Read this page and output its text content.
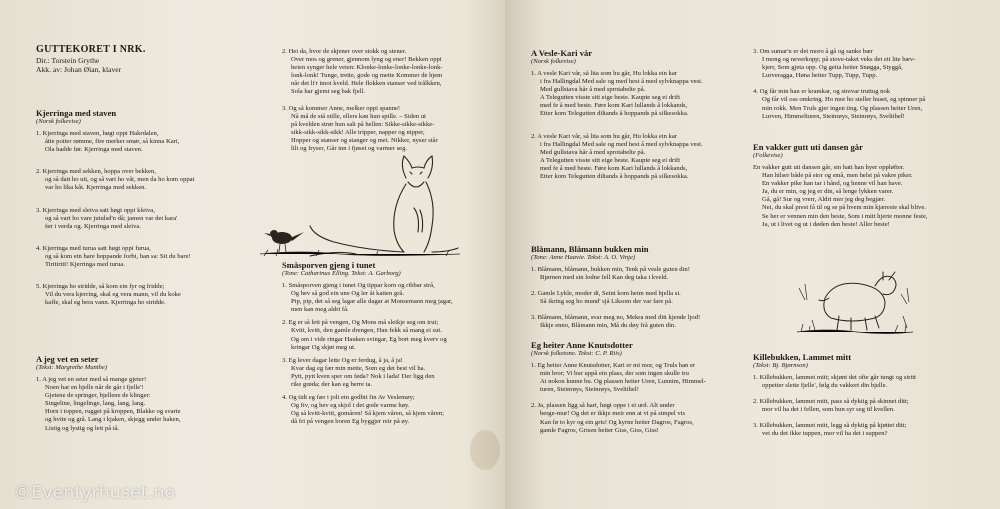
GUTTEKORET I NRK.
Dir.: Torstein Grythe
Akk. av: Johan Øian, klaver

Kjerringa med staven

(Norsk folkevise)

1. Kjerringa med staven, høgt oppi Hakrdalen,
åtte potter rømme, fire merker smør, så kinna Kari,
Ola hadde før. Kjerringa med staven.
2. Kjerringa med sekken, hoppa over bekken,
og så datt ho uti, og så vart ho våt, men da ho kom oppat
var ho lika kåt. Kjerringa med sekken.
3. Kjerringa med sleiva satt høgt oppi kleiva,
og så vart ho vare jutulsd'n då; jamen var det kara'
før i verda og. Kjerringa med sleiva.
4. Kjerringa med turua satt høgt oppi furua,
og så kom ein hare hoppande forbi, han sa: Sit du bare!
Tiritiriti! Kjerringa med turua.
5. Kjerringa ho stridde, så kom ein fyr og fridde;
Vil du vera kjerring, skal eg vera mann, vil du koke
kaffe, skal eg bera vann. Kjerringa ho stridde.

A jeg vet en seter

(Tekst: Margrethe Munthe)

1. A jeg vet en seter med så mange gjeter!
Noen har en bjelle når de går i fjelle'!
Gjetene de springer, bjellene de klinger:
Singeline, lingelinge, lang, lang, lang.
Horn i toppen, rugget på kroppen, Blakke og svarte
og hvite og grå. Lang i kjaken, skjegg under haken,
Listig og lystig og lett på tå.
2. Hei da, hvor de skjener over stokk og stener.
Over mos og grener, gjennom lyng og ener! Bekken oppi
heien synger hele veien: Klonke-lonke-lonke-lonke-lonk-
lonk-lonk! Tunge, trette, gode og mette Kommer de hjem
når det li'r imot kveld. Hele flokken stanser ved trålkken,
Sola har gjemt seg bak fjell.
3. Og så kommer Anne, melker oppi spanne!
Nå må de stå stille, ellers kan hun spille. – Siden ut
på kvelden strør hun salt på hellen: Sikke-sikke-sikke-
sikk-sikk-sikk-sikk! Alle tripper, napper og nipper,
Hopper og stanser og stanger og mei. Nikker, nyser står
lilt og fryser, Går inn i fjøset og varmer seg.

Småsporven gjeng i tunet

(Tone: Catharinus Elling. Tekst: A. Garborg)

1. Småsporven gjeng i tunet Og tippar korn og ribbar strå,
Og hev så god ein une Og ler åt katten grå.
Pip, pip, det så seg lagar alle dagar at Monsemann meg jagar,
men kan meg aldri få.
2. Eg er så lett på vengen, Og Mons må sleikje seg om trut;
Kvitt, kvitt, den gamle drengen, Han fekk så mang ei sut.
Og om i vide ringar Hauken svingar, Eg bort meg kverv og
kringar Og skjøt meg ut.
3. Eg lever dagar lette Og er ferdug, å ja, å ja!
Kvar dag eg fær min mette, Som eg det best vil ha.
Pytt, pytt kven sper om føda? Nok i lada! Der ligg den
rike grøda; der kan eg berre ta.
4. Og tidt eg fær i joli ein godbit fin Av Veslemøy;
Og fiv, og hev eg skjol i det gode varme høy.
Og så kvitt-kvitt, gomåren! Så kjem våren, så kjem våren;
då fri på vengen boren Eg byggjer reir på øy.

A Vesle-Kari vår

(Norsk folkevise)

1. A vesle Kari vår, så lita som hu går, Hu lokka ein kar
i fra Hallingdal Med sale og med hest å med sylvknappa vest.
Med gullstava hår å med sprotabelte på.
A Telegutten visste sitt eige beste. Kaupte seg ei drift
med fe å med beste. Føre kom Kari lullands å lokkands,
Etter kom Telegutten diltands å hoppands på silkesokka.
2. A vesle Kari vår, så lita som hu går, Hu lokka ein kar
i fra Hallingdal Med sale og med hest å med sylvknappa vest.
Med gullstava hår å med sprotabelte på.
A Telegutten visste sitt eige beste. Kaupte seg ei drift
med fe å med beste. Føre kom Kari lullands å lokkands,
Etter kom Telegutten diltands å hoppands på silkesokka.

Blåmann, Blåmann bukken min

(Tone: Anne Haavie. Tekst: A. O. Vinje)

1. Blåmann, blåmann, bukken min, Tenk på vesle guten din!
Bjørnen med sin lodne fell Kan deg taka i kveld.
2. Gamle Lykle, moder di, Seint kom heim med hjella si.
Så ikring seg ho mund' sjå Liksom der var fare på.
3. Blåmann, blåmann, svar meg no, Mekra med ditt kjende ljod!
Ikkje enno, Blåmann min, Må du døy frå guten din.

Eg heiter Anne Knutsdotter

(Norsk folketone. Tekst: C. P. Riis)

1. Eg heiter Anne Knutsdotter, Kari er mi mor, og Truls han er
min bror; Vi bur uppå ein plass, der som ingen skulle tru
At nokon kunne bu. Og plassen heiter Uren, Lunnim, Himmel-
turen, Steinrøys, Steinrøys, Sveltihel!
2. Ja, plassen ligg så hart, høgt oppe i ei urd. Alt under
berge-mur! Og det er ikkje meir enn at vi på simpel vis
Kan fø to kyr og ein gris! Og kyrne heiter Dagros, Fagros,
gamle Fagros, Grisen heiter Giss, Giss, Giss!
3. Om sumar'n er det moro å gå og sanke bær
I mong og neverkopp; på stove-taket veks det eit lite bæv-
kjerr, Som gjeta opp. Og geita heiter Snøgga, Styggå,
Lurveragga, Høna heiter Tupp, Tupp, Tupp.
4. Og får min han er kramkar, og strevar truttug nok
Og får vil oss omkring. Ho mor ho steller huset, eg spinner på
min rokk. Men Truls gjer ingen ting. Og plassen heiter Uren,
Lurven, Himmelturen, Steinrøys, Steinrøys, Sveltihel!

En vakker gutt uti dansen går

(Folkevise)

En vakker gutt uti dansen går, sin hatt han hyer oppløfter.
Han hilser både på stor og små, men helst på vakre piker.
En vakker pike han tar i hånd, og henne vil han have.
Ja, du er min, og jeg er din, så lenge lykken varer.
Gå, gå! Sur og vrerr, Aldri mer jeg deg begjær.
Nei, du skal prest få til og se på hvem min kjæreste skal blive.
Se her er vennen min den beste, Som i mitt hjerte monne feste,
Ja, ut i livet og ut i døden den beste! Aller beste!

Killebukken, Lammet mitt

(Tekst: Bj. Bjørnson)

1. Killebukken, lammet mitt; skjønt det ofte går tungt og stritt
oppetter slette fjelle', følg du vakkert din bjelle.
2. Killebukken, lammet mitt, pass så dyktig på skinnet ditt;
mor vil ha det i fellen, som hun syr seg til kvellen.
3. Killebukken, lammet mitt, legg så dyktig på kjøttet ditt;
vet du det ikke tuppen, mor vil ha det i suppen?
©Eventyrhuset.no
